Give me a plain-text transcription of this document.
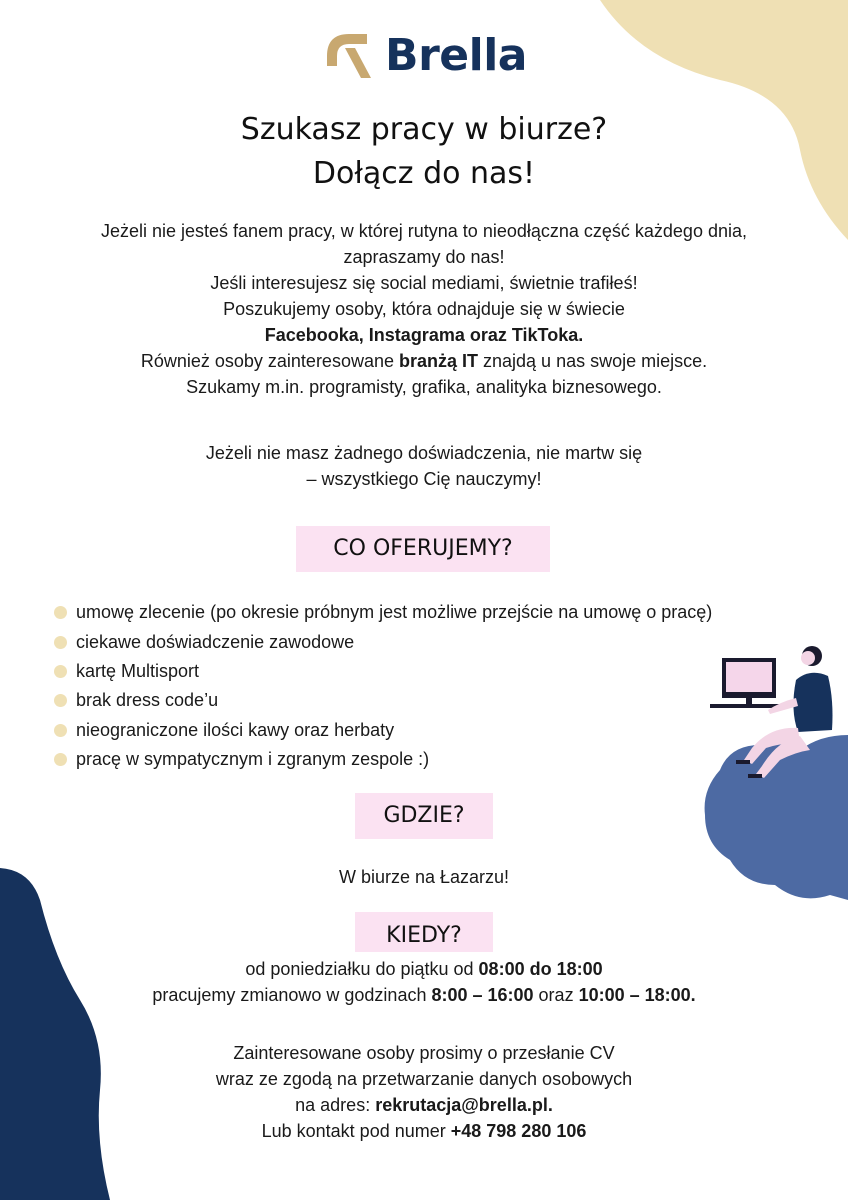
Brella
Szukasz pracy w biurze?
Dołącz do nas!

Jeżeli nie jesteś fanem pracy, w której rutyna to nieodłączna część każdego dnia,

zapraszamy do nas!

Jeśli interesujesz się social mediami, świetnie trafiłeś!

Poszukujemy osoby, która odnajduje się w świecie

Facebooka, Instagrama oraz TikToka.

Również osoby zainteresowane branżą IT znajdą u nas swoje miejsce.

Szukamy m.in. programisty, grafika, analityka biznesowego.

Jeżeli nie masz żadnego doświadczenia, nie martw się

– wszystkiego Cię nauczymy!

CO OFERUJEMY?
umowę zlecenie (po okresie próbnym jest możliwe przejście na umowę o pracę)
ciekawe doświadczenie zawodowe
kartę Multisport
brak dress code’u
nieograniczone ilości kawy oraz herbaty
pracę w sympatycznym i zgranym zespole :)
GDZIE?

W biurze na Łazarzu!

KIEDY?

od poniedziałku do piątku od 08:00 do 18:00

pracujemy zmianowo w godzinach 8:00 – 16:00 oraz 10:00 – 18:00.

Zainteresowane osoby prosimy o przesłanie CV

wraz ze zgodą na przetwarzanie danych osobowych

na adres: rekrutacja@brella.pl.

Lub kontakt pod numer +48 798 280 106
